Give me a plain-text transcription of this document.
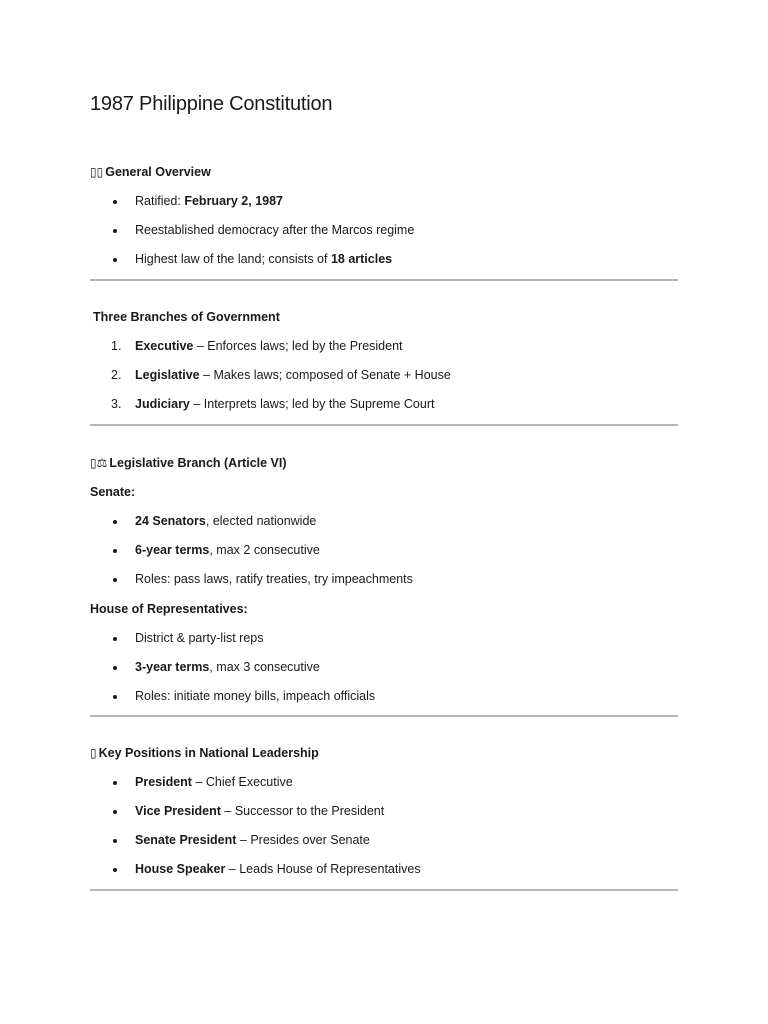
1987 Philippine Constitution
▯▯ General Overview
Ratified: February 2, 1987
Reestablished democracy after the Marcos regime
Highest law of the land; consists of 18 articles
Three Branches of Government
1.	Executive – Enforces laws; led by the President
2.	Legislative – Makes laws; composed of Senate + House
3.	Judiciary – Interprets laws; led by the Supreme Court
▯⚖ Legislative Branch (Article VI)
Senate:
24 Senators, elected nationwide
6-year terms, max 2 consecutive
Roles: pass laws, ratify treaties, try impeachments
House of Representatives:
District & party-list reps
3-year terms, max 3 consecutive
Roles: initiate money bills, impeach officials
▯ Key Positions in National Leadership
President – Chief Executive
Vice President – Successor to the President
Senate President – Presides over Senate
House Speaker – Leads House of Representatives
